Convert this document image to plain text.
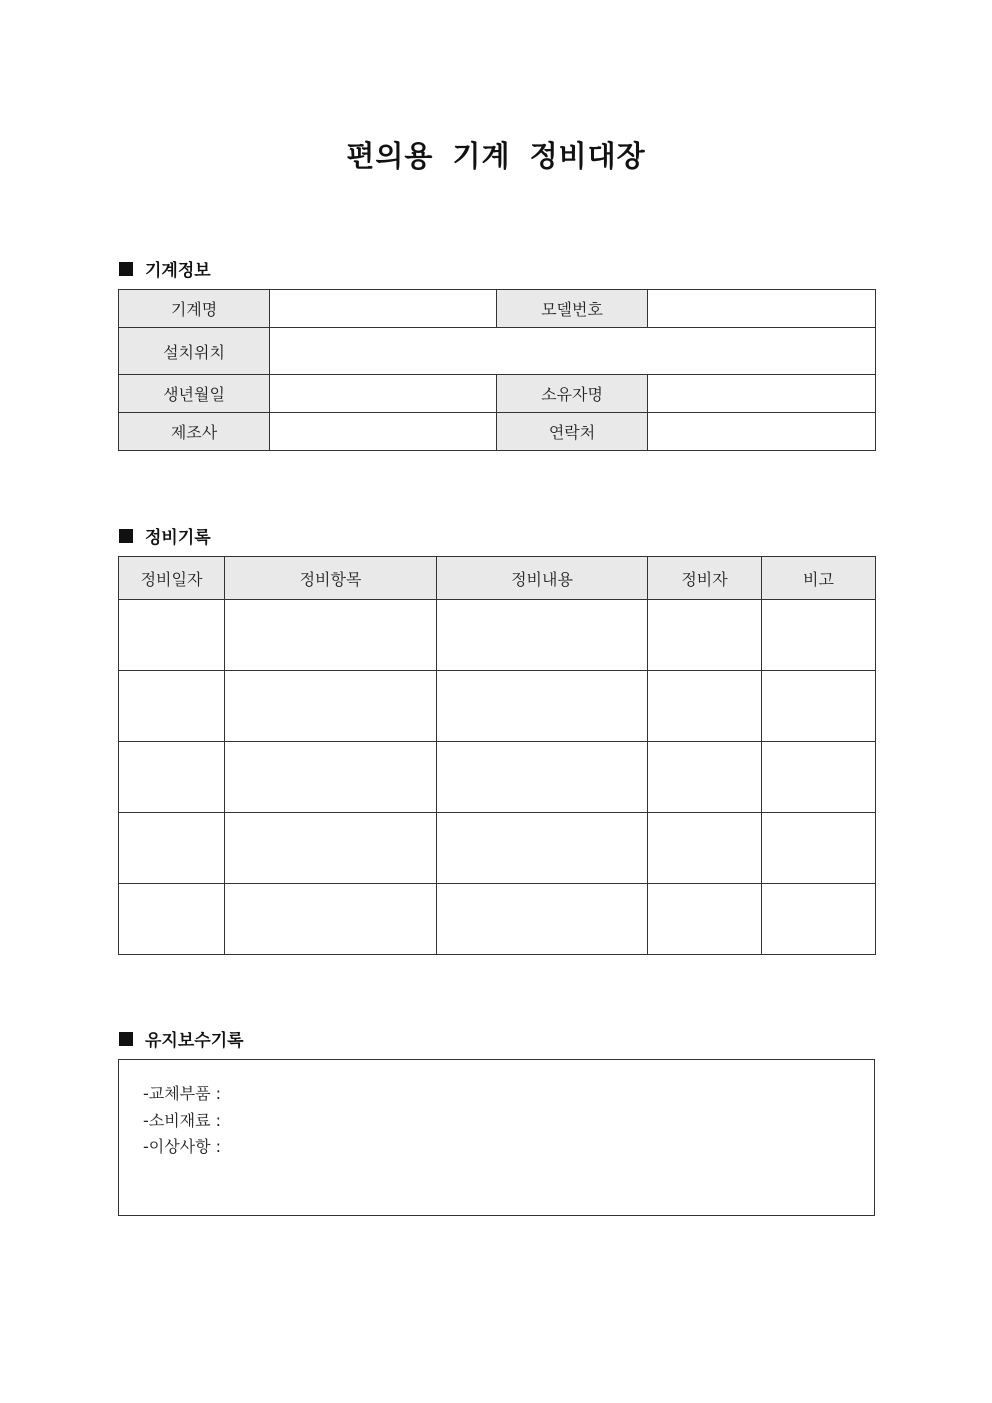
편의용 기계 정비대장
기계정보
기계명		모델번호	
설치위치			
생년월일		소유자명	
제조사		연락처	
정비기록
정비일자	정비항목	정비내용	정비자	비고

유지보수기록
-교체부품 :
-소비재료 :
-이상사항 :
